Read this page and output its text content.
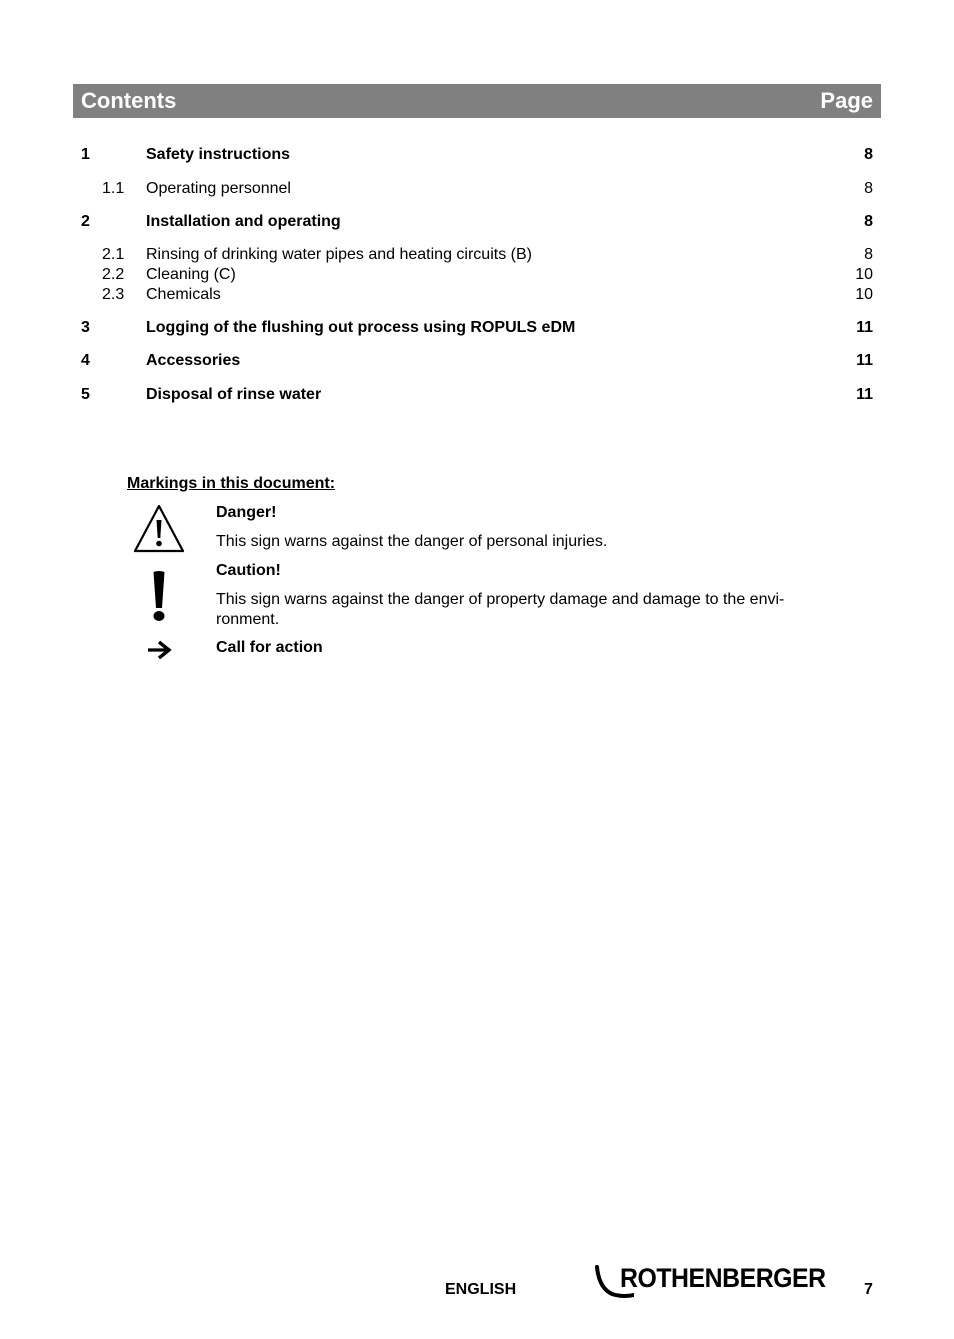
Contents	Page
1	Safety instructions	8
1.1	Operating personnel	8
2	Installation and operating	8
2.1	Rinsing of drinking water pipes and heating circuits (B)	8
2.2	Cleaning (C)	10
2.3	Chemicals	10
3	Logging of the flushing out process using ROPULS eDM	11
4	Accessories	11
5	Disposal of rinse water	11
Markings in this document:
Danger!
This sign warns against the danger of personal injuries.
Caution!
This sign warns against the danger of property damage and damage to the envi-
ronment.
Call for action
ENGLISH	ROTHENBERGER 7
